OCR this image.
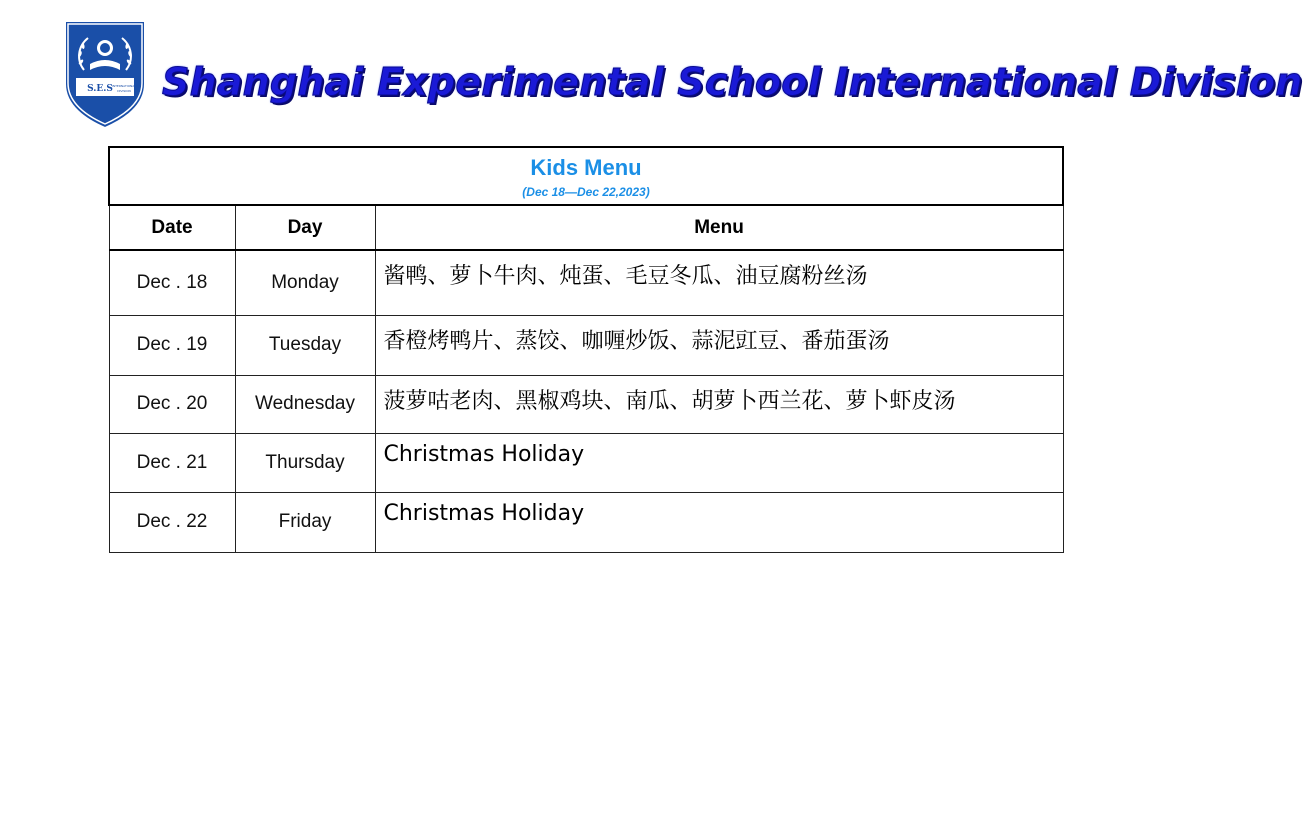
S.E.S INTERNATIONAL
DIVISION Shanghai Experimental School International Division
Kids Menu
(Dec 18—Dec 22,2023)		

Date	Day	Menu
Dec . 18	Monday	酱鸭、萝卜牛肉、炖蛋、毛豆冬瓜、油豆腐粉丝汤
Dec . 19	Tuesday	香橙烤鸭片、蒸饺、咖喱炒饭、蒜泥豇豆、番茄蛋汤
Dec . 20	Wednesday	菠萝咕老肉、黑椒鸡块、南瓜、胡萝卜西兰花、萝卜虾皮汤
Dec . 21	Thursday	Christmas Holiday
Dec . 22	Friday	Christmas Holiday
